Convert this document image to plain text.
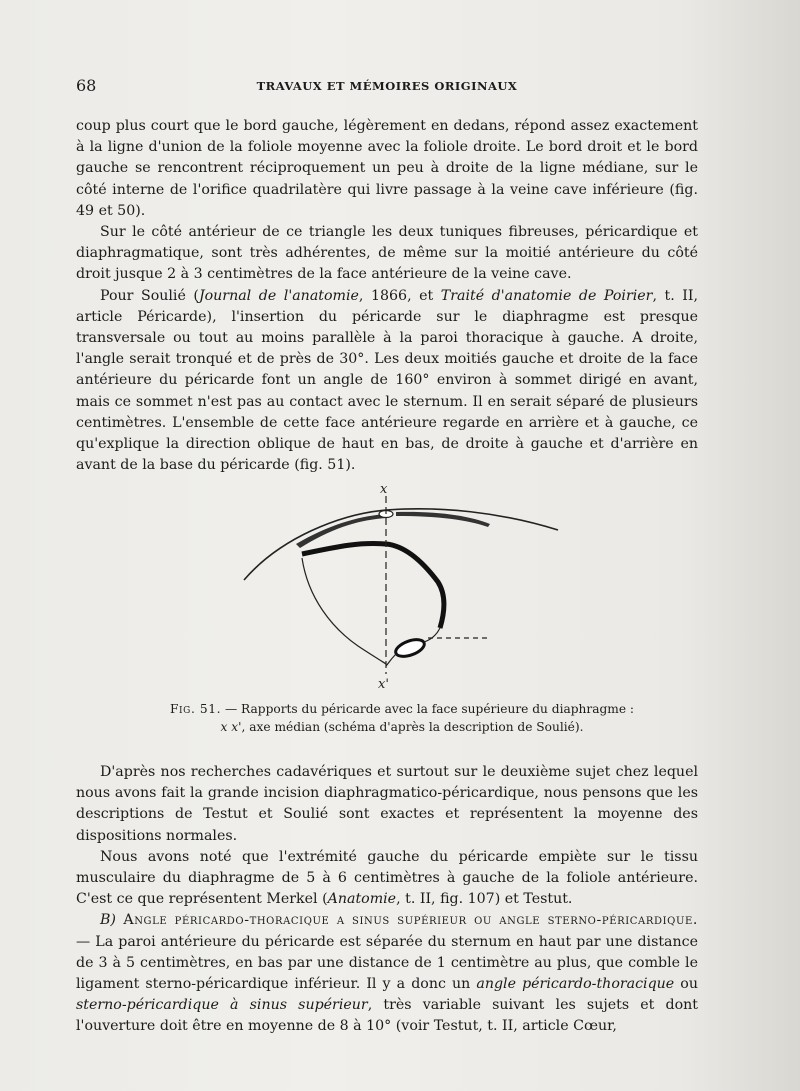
68	TRAVAUX ET MÉMOIRES ORIGINAUX

coup plus court que le bord gauche, légèrement en dedans, répond assez exactement à la ligne d'union de la foliole moyenne avec la foliole droite. Le bord droit et le bord gauche se rencontrent réciproquement un peu à droite de la ligne médiane, sur le côté interne de l'orifice quadrilatère qui livre passage à la veine cave inférieure (fig. 49 et 50).

Sur le côté antérieur de ce triangle les deux tuniques fibreuses, péricardique et diaphragmatique, sont très adhérentes, de même sur la moitié antérieure du côté droit jusque 2 à 3 centimètres de la face antérieure de la veine cave.

Pour Soulié (Journal de l'anatomie, 1866, et Traité d'anatomie de Poirier, t. II, article Péricarde), l'insertion du péricarde sur le diaphragme est presque transversale ou tout au moins parallèle à la paroi thoracique à gauche. A droite, l'angle serait tronqué et de près de 30°. Les deux moitiés gauche et droite de la face antérieure du péricarde font un angle de 160° environ à sommet dirigé en avant, mais ce sommet n'est pas au contact avec le sternum. Il en serait séparé de plusieurs centimètres. L'ensemble de cette face antérieure regarde en arrière et à gauche, ce qu'explique la direction oblique de haut en bas, de droite à gauche et d'arrière en avant de la base du péricarde (fig. 51).

x
x'
Fig. 51. — Rapports du péricarde avec la face supérieure du diaphragme :
x x', axe médian (schéma d'après la description de Soulié).

D'après nos recherches cadavériques et surtout sur le deuxième sujet chez lequel nous avons fait la grande incision diaphragmatico-péricardique, nous pensons que les descriptions de Testut et Soulié sont exactes et représentent la moyenne des dispositions normales.

Nous avons noté que l'extrémité gauche du péricarde empiète sur le tissu musculaire du diaphragme de 5 à 6 centimètres à gauche de la foliole antérieure. C'est ce que représentent Merkel (Anatomie, t. II, fig. 107) et Testut.

B) Angle péricardo-thoracique a sinus supérieur ou angle sterno-péricardique. — La paroi antérieure du péricarde est séparée du sternum en haut par une distance de 3 à 5 centimètres, en bas par une distance de 1 centimètre au plus, que comble le ligament sterno-péricardique inférieur. Il y a donc un angle péricardo-thoracique ou sterno-péricardique à sinus supérieur, très variable suivant les sujets et dont l'ouverture doit être en moyenne de 8 à 10° (voir Testut, t. II, article Cœur,
